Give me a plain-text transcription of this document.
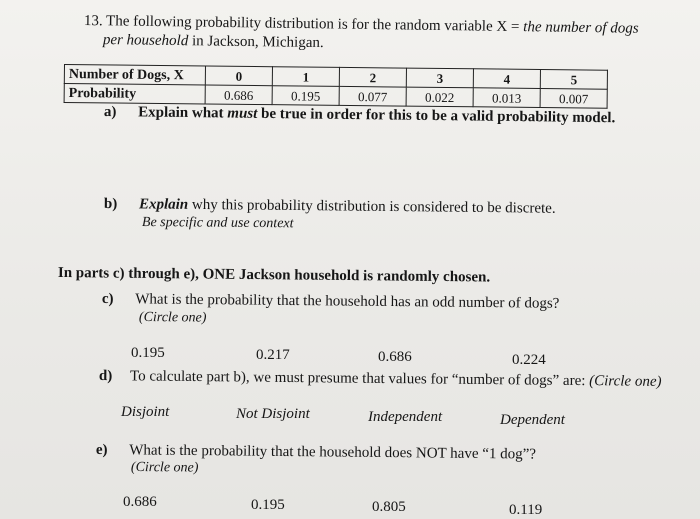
13. The following probability distribution is for the random variable X = the number of dogs
per household in Jackson, Michigan.
Number of Dogs, X	0	1	2	3	4	5
Probability	0.686	0.195	0.077	0.022	0.013	0.007
a) Explain what must be true in order for this to be a valid probability model.
b) Explain why this probability distribution is considered to be discrete.
Be specific and use context
In parts c) through e), ONE Jackson household is randomly chosen.
c) What is the probability that the household has an odd number of dogs?
(Circle one)
0.195	0.217	0.686	0.224
d) To calculate part b), we must presume that values for “number of dogs” are: (Circle one)
Disjoint	Not Disjoint	Independent	Dependent
e) What is the probability that the household does NOT have “1 dog”?
(Circle one)
0.686	0.195	0.805	0.119
